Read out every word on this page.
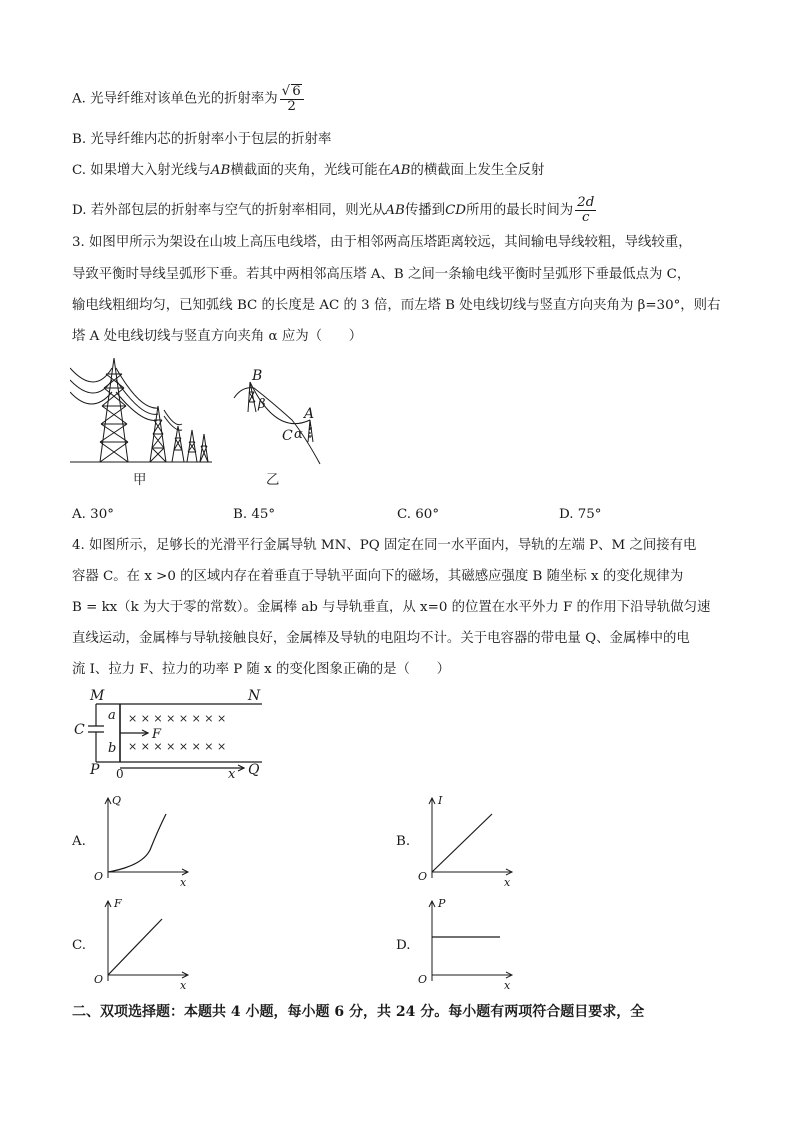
A. 光导纤维对该单色光的折射率为 $\frac{√ 6}{2}$
B. 光导纤维内芯的折射率小于包层的折射率
C. 如果增大入射光线与AB横截面的夹角，光线可能在AB的横截面上发生全反射
D. 若外部包层的折射率与空气的折射率相同，则光从AB传播到CD所用的最长时间为 $\frac{2d}{c}$
3. 如图甲所示为架设在山坡上高压电线塔，由于相邻两高压塔距离较远，其间输电导线较粗，导线较重，
导致平衡时导线呈弧形下垂。若其中两相邻高压塔 A、B 之间一条输电线平衡时呈弧形下垂最低点为 C，
输电线粗细均匀，已知弧线 BC 的长度是 AC 的 3 倍，而左塔 B 处电线切线与竖直方向夹角为 β=30°，则右
塔 A 处电线切线与竖直方向夹角 α 应为（　　）
甲
B
β
A
C α
乙
A. 30°	B. 45°	C. 60°	D. 75°
4. 如图所示，足够长的光滑平行金属导轨 MN、PQ 固定在同一水平面内，导轨的左端 P、M 之间接有电
容器 C。在 x >0 的区域内存在着垂直于导轨平面向下的磁场，其磁感应强度 B 随坐标 x 的变化规律为
B = kx（k 为大于零的常数）。金属棒 ab 与导轨垂直，从 x=0 的位置在水平外力 F 的作用下沿导轨做匀速
直线运动，金属棒与导轨接触良好，金属棒及导轨的电阻均不计。关于电容器的带电量 Q、金属棒中的电
流 I、拉力 F、拉力的功率 P 随 x 的变化图象正确的是（　　）
M	N
C
P	Q
a
b
F
0	x
× × × × × × × ×
× × × × × × × ×
A.
Q
O	x
B.
I
O	x
C.
F
O	x
D.
P
O	x
二、双项选择题：本题共 4 小题，每小题 6 分，共 24 分。每小题有两项符合题目要求，全
